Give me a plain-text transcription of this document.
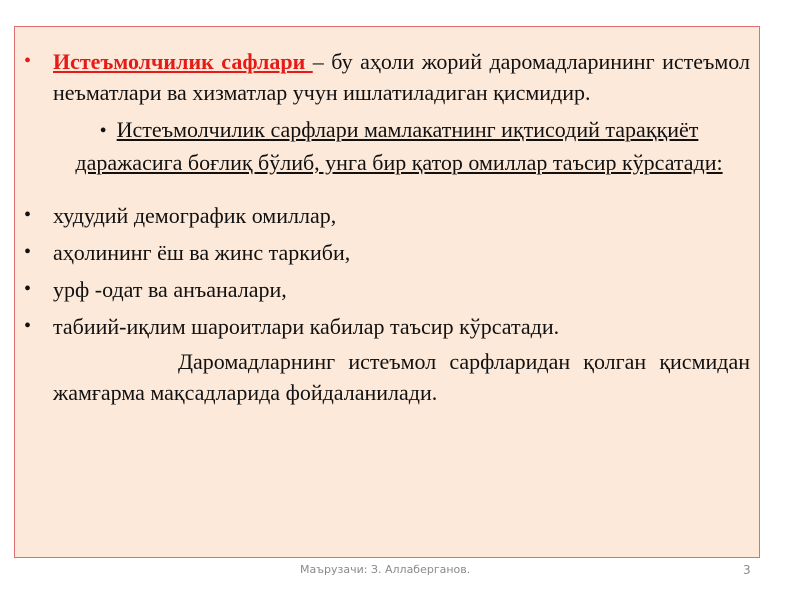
• Истеъмолчилик сафлари – бу аҳоли жорий даромадларининг истеъмол неъматлари ва хизматлар учун ишлатиладиган қисмидир.

• Истеъмолчилик сарфлари мамлакатнинг иқтисодий тараққиёт даражасига боғлиқ бўлиб, унга бир қатор омиллар таъсир кўрсатади:

• худудий демографик омиллар,

• аҳолининг ёш ва жинс таркиби,

• урф -одат ва анъаналари,

• табиий-иқлим шароитлари кабилар таъсир кўрсатади.

Даромадларнинг истеъмол сарфларидан қолган қисмидан жамғарма мақсадларида фойдаланилади.

Маърузачи: З. Аллаберганов.	3
